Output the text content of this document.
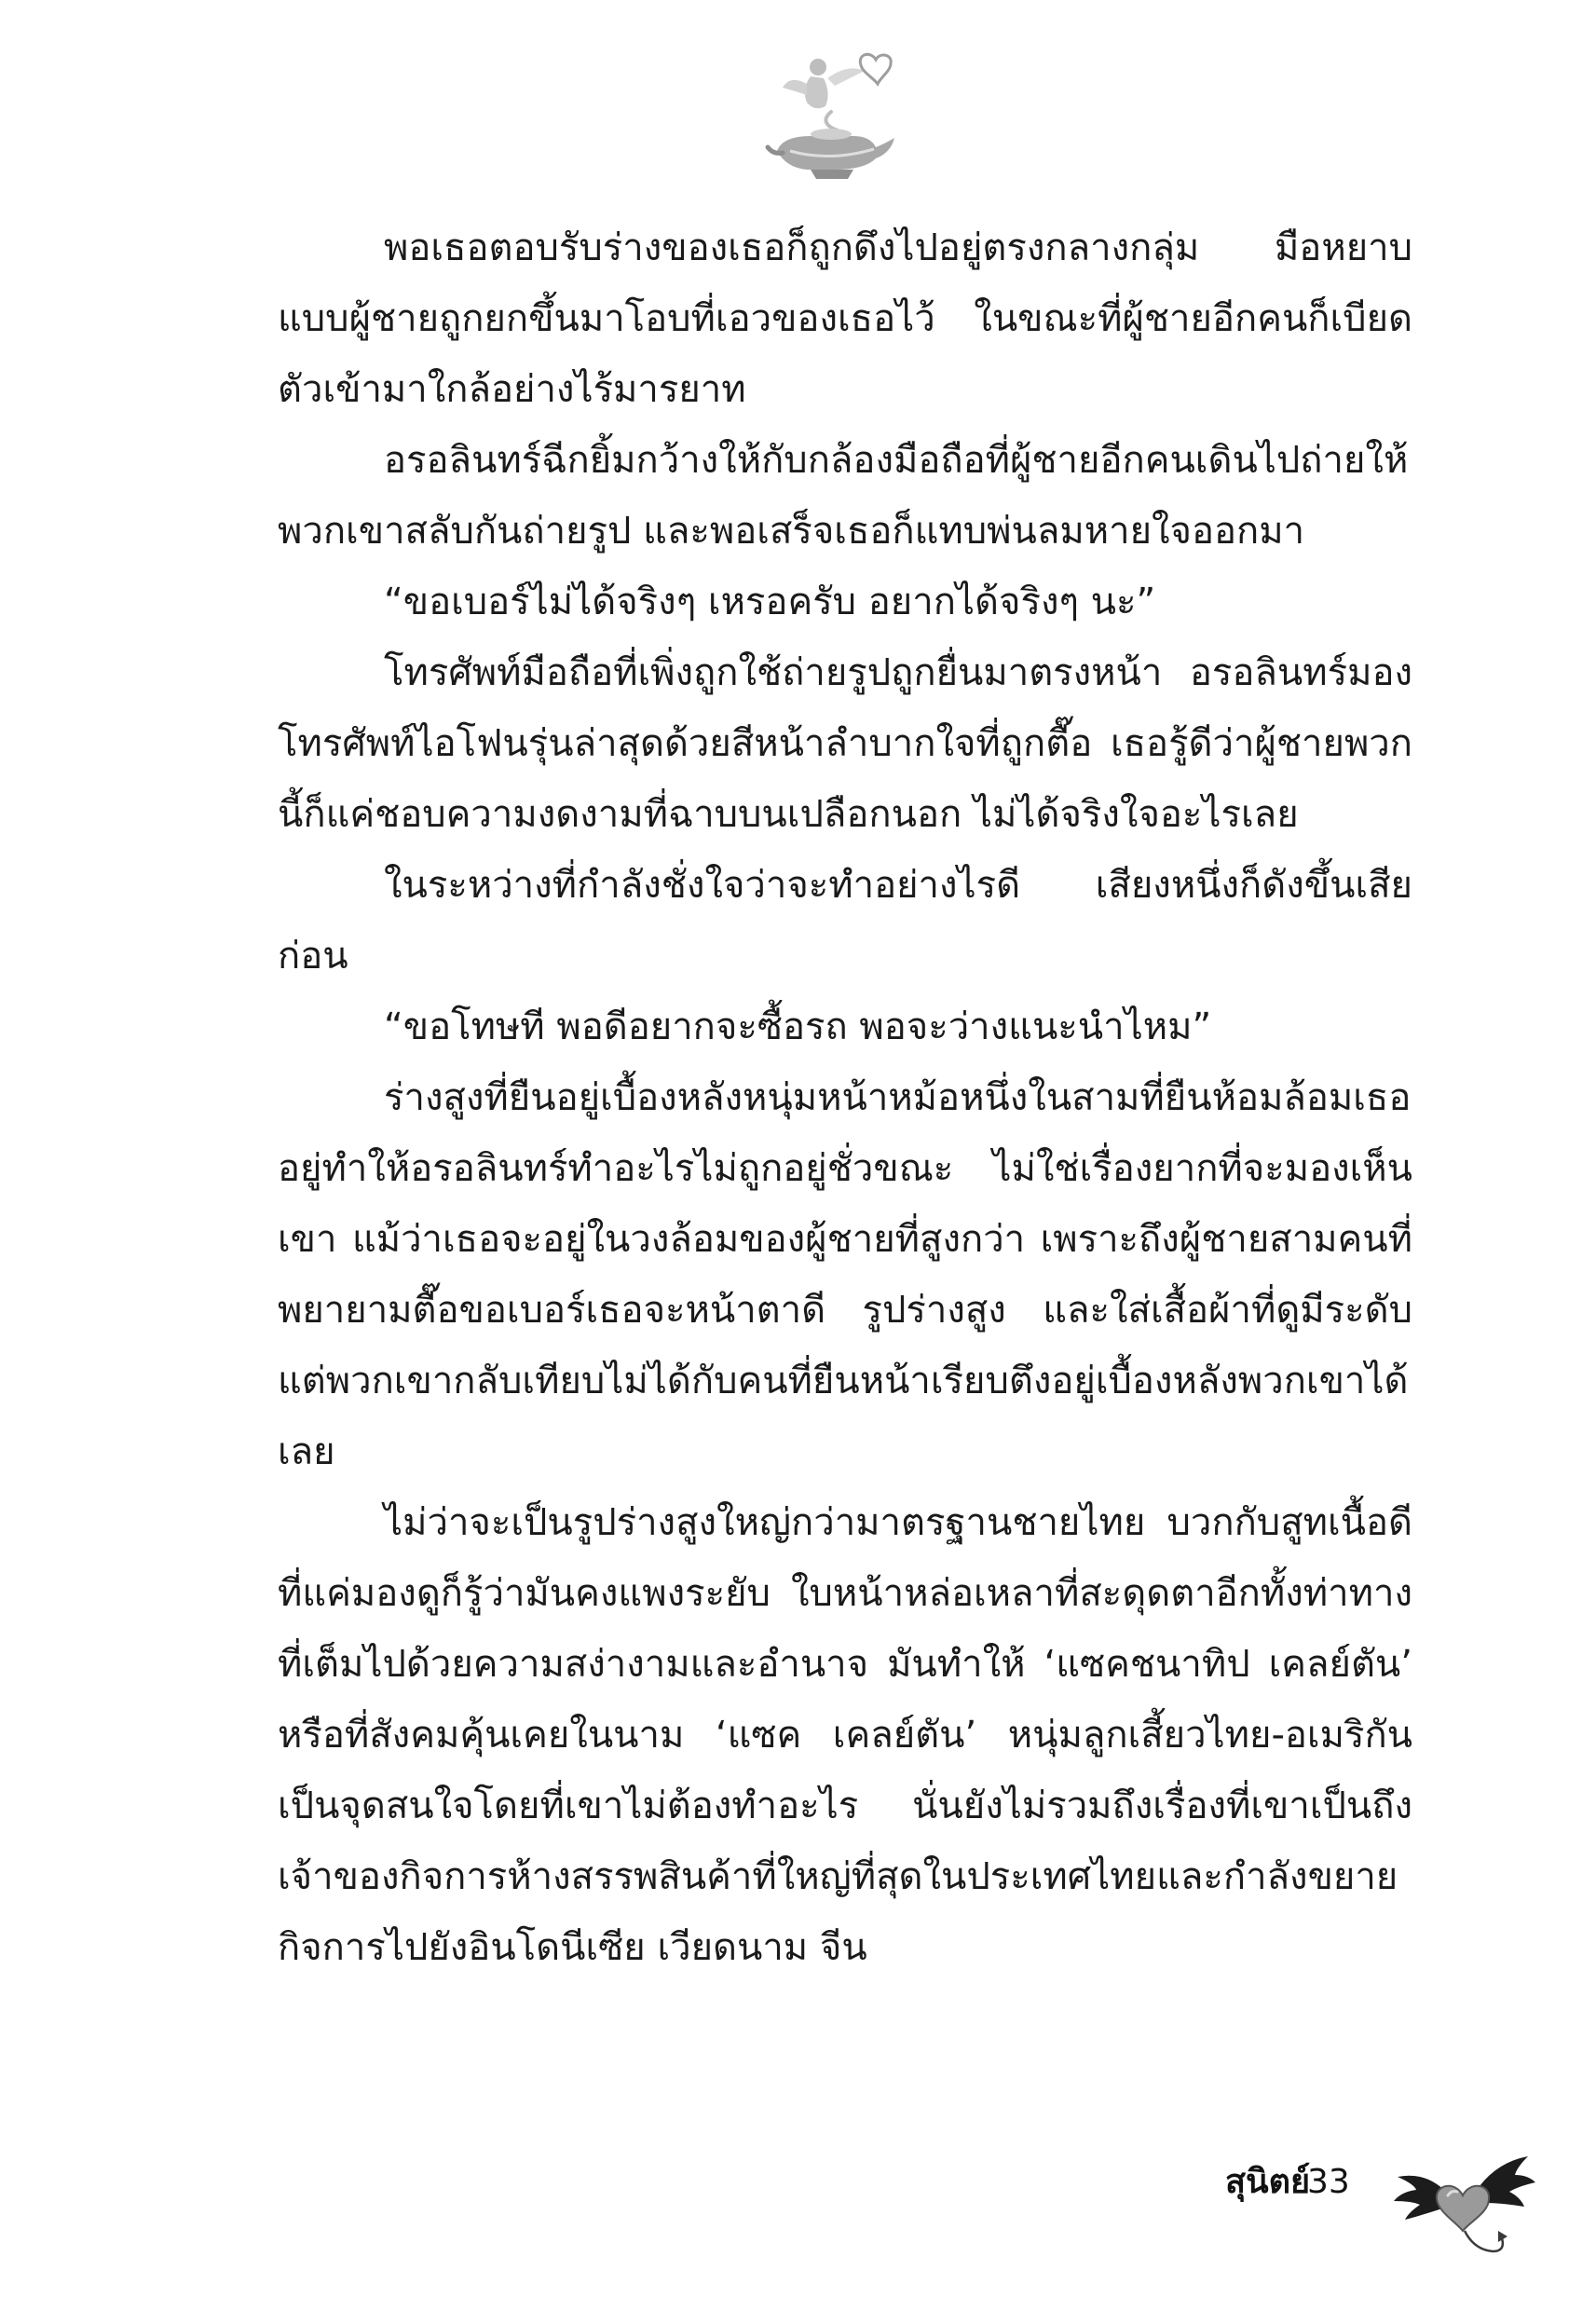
พอเธอตอบรับร่างของเธอก็ถูกดึงไปอยู่ตรงกลางกลุ่ม มือหยาบแบบผู้ชายถูกยกขึ้นมาโอบที่เอวของเธอไว้ ในขณะที่ผู้ชายอีกคนก็เบียดตัวเข้ามาใกล้อย่างไร้มารยาท

อรอลินทร์ฉีกยิ้มกว้างให้กับกล้องมือถือที่ผู้ชายอีกคนเดินไปถ่ายให้ พวกเขาสลับกันถ่ายรูป และพอเสร็จเธอก็แทบพ่นลมหายใจออกมา

“ขอเบอร์ไม่ได้จริงๆ เหรอครับ อยากได้จริงๆ นะ”

โทรศัพท์มือถือที่เพิ่งถูกใช้ถ่ายรูปถูกยื่นมาตรงหน้า อรอลินทร์มองโทรศัพท์ไอโฟนรุ่นล่าสุดด้วยสีหน้าลำบากใจที่ถูกตื๊อ เธอรู้ดีว่าผู้ชายพวกนี้ก็แค่ชอบความงดงามที่ฉาบบนเปลือกนอก ไม่ได้จริงใจอะไรเลย

ในระหว่างที่กำลังชั่งใจว่าจะทำอย่างไรดี เสียงหนึ่งก็ดังขึ้นเสียก่อน

“ขอโทษที พอดีอยากจะซื้อรถ พอจะว่างแนะนำไหม”

ร่างสูงที่ยืนอยู่เบื้องหลังหนุ่มหน้าหม้อหนึ่งในสามที่ยืนห้อมล้อมเธออยู่ทำให้อรอลินทร์ทำอะไรไม่ถูกอยู่ชั่วขณะ ไม่ใช่เรื่องยากที่จะมองเห็นเขา แม้ว่าเธอจะอยู่ในวงล้อมของผู้ชายที่สูงกว่า เพราะถึงผู้ชายสามคนที่พยายามตื๊อขอเบอร์เธอจะหน้าตาดี รูปร่างสูง และใส่เสื้อผ้าที่ดูมีระดับ แต่พวกเขากลับเทียบไม่ได้กับคนที่ยืนหน้าเรียบตึงอยู่เบื้องหลังพวกเขาได้เลย

ไม่ว่าจะเป็นรูปร่างสูงใหญ่กว่ามาตรฐานชายไทย บวกกับสูทเนื้อดีที่แค่มองดูก็รู้ว่ามันคงแพงระยับ ใบหน้าหล่อเหลาที่สะดุดตาอีกทั้งท่าทางที่เต็มไปด้วยความสง่างามและอำนาจ มันทำให้ ‘แซคชนาทิป เคลย์ตัน’ หรือที่สังคมคุ้นเคยในนาม ‘แซค เคลย์ตัน’ หนุ่มลูกเสี้ยวไทย-อเมริกันเป็นจุดสนใจโดยที่เขาไม่ต้องทำอะไร นั่นยังไม่รวมถึงเรื่องที่เขาเป็นถึงเจ้าของกิจการห้างสรรพสินค้าที่ใหญ่ที่สุดในประเทศไทยและกำลังขยายกิจการไปยังอินโดนีเซีย เวียดนาม จีน

สุนิตย์
33
